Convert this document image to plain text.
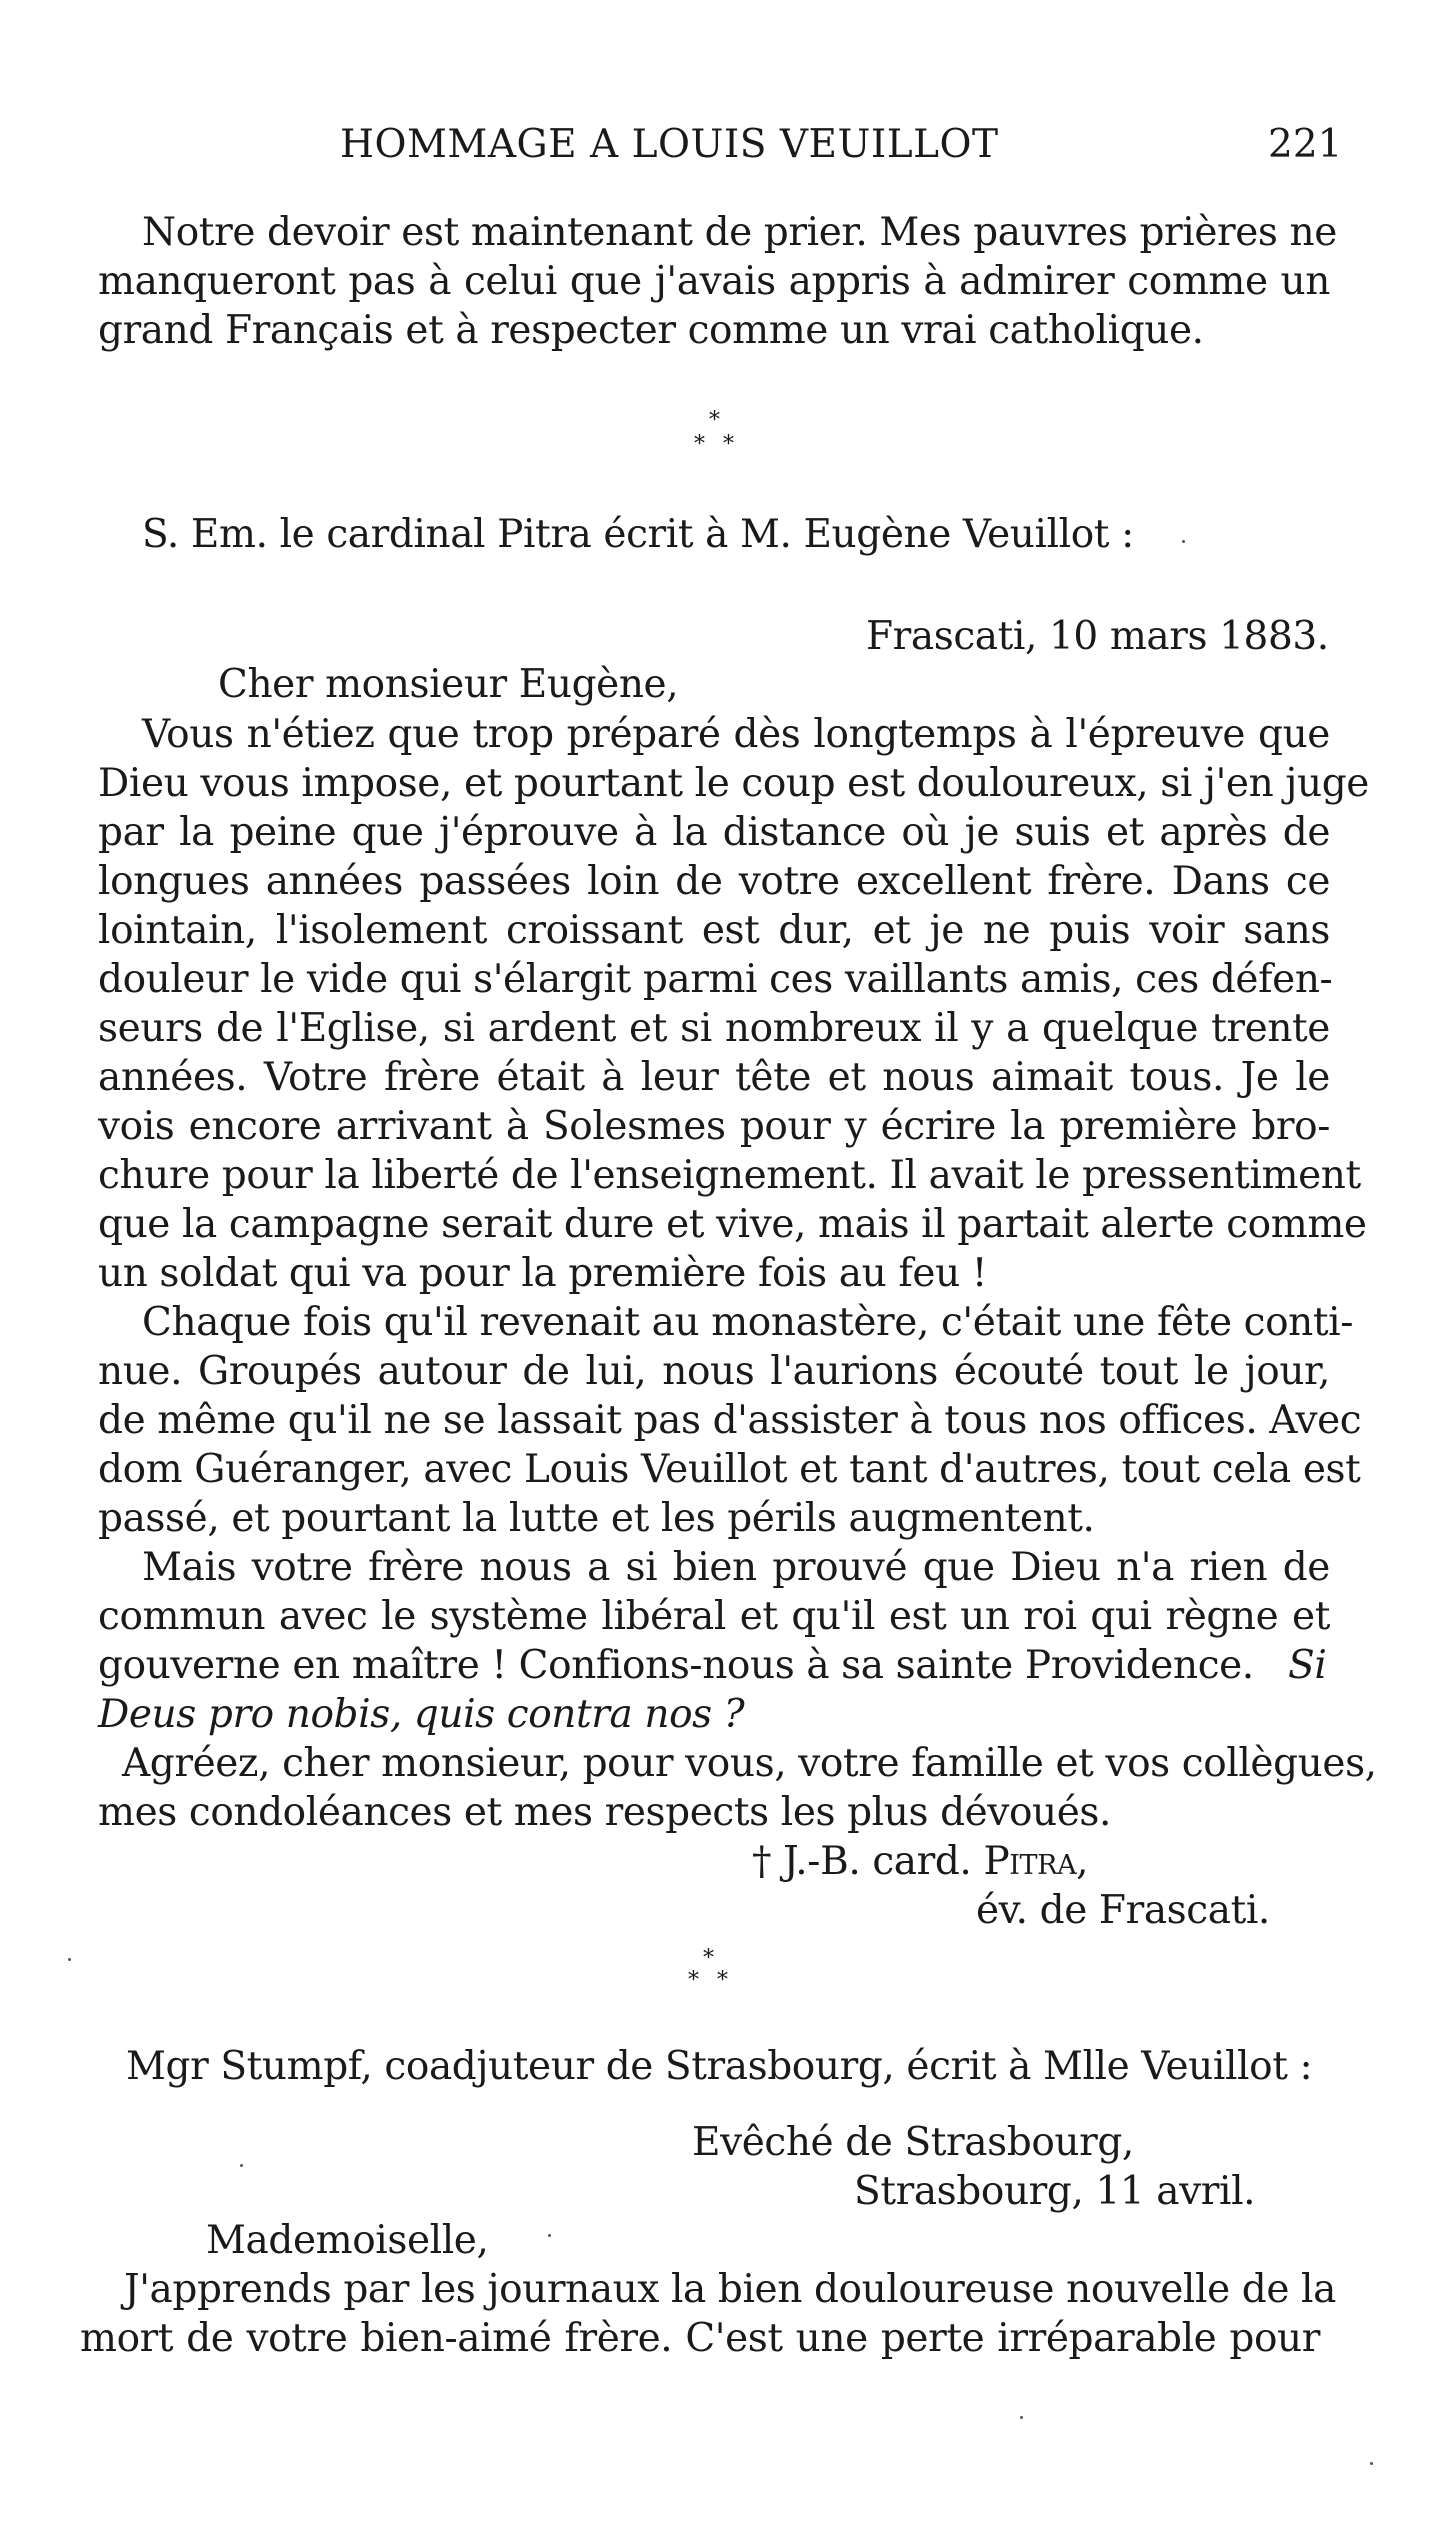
HOMMAGE A LOUIS VEUILLOT	221
Notre devoir est maintenant de prier. Mes pauvres prières ne
manqueront pas à celui que j'avais appris à admirer comme un
grand Français et à respecter comme un vrai catholique.
*
* *
S. Em. le cardinal Pitra écrit à M. Eugène Veuillot :
Frascati, 10 mars 1883.
Cher monsieur Eugène,
Vous n'étiez que trop préparé dès longtemps à l'épreuve que
Dieu vous impose, et pourtant le coup est douloureux, si j'en juge
par la peine que j'éprouve à la distance où je suis et après de
longues années passées loin de votre excellent frère. Dans ce
lointain, l'isolement croissant est dur, et je ne puis voir sans
douleur le vide qui s'élargit parmi ces vaillants amis, ces défen-
seurs de l'Eglise, si ardent et si nombreux il y a quelque trente
années. Votre frère était à leur tête et nous aimait tous. Je le
vois encore arrivant à Solesmes pour y écrire la première bro-
chure pour la liberté de l'enseignement. Il avait le pressentiment
que la campagne serait dure et vive, mais il partait alerte comme
un soldat qui va pour la première fois au feu !
Chaque fois qu'il revenait au monastère, c'était une fête conti-
nue. Groupés autour de lui, nous l'aurions écouté tout le jour,
de même qu'il ne se lassait pas d'assister à tous nos offices. Avec
dom Guéranger, avec Louis Veuillot et tant d'autres, tout cela est
passé, et pourtant la lutte et les périls augmentent.
Mais votre frère nous a si bien prouvé que Dieu n'a rien de
commun avec le système libéral et qu'il est un roi qui règne et
gouverne en maître ! Confions-nous à sa sainte Providence. Si
Deus pro nobis, quis contra nos ?
Agréez, cher monsieur, pour vous, votre famille et vos collègues,
mes condoléances et mes respects les plus dévoués.
† J.-B. card. Pitra,
év. de Frascati.
*
* *
Mgr Stumpf, coadjuteur de Strasbourg, écrit à Mlle Veuillot :
Evêché de Strasbourg,
Strasbourg, 11 avril.
Mademoiselle,
J'apprends par les journaux la bien douloureuse nouvelle de la
mort de votre bien-aimé frère. C'est une perte irréparable pour
